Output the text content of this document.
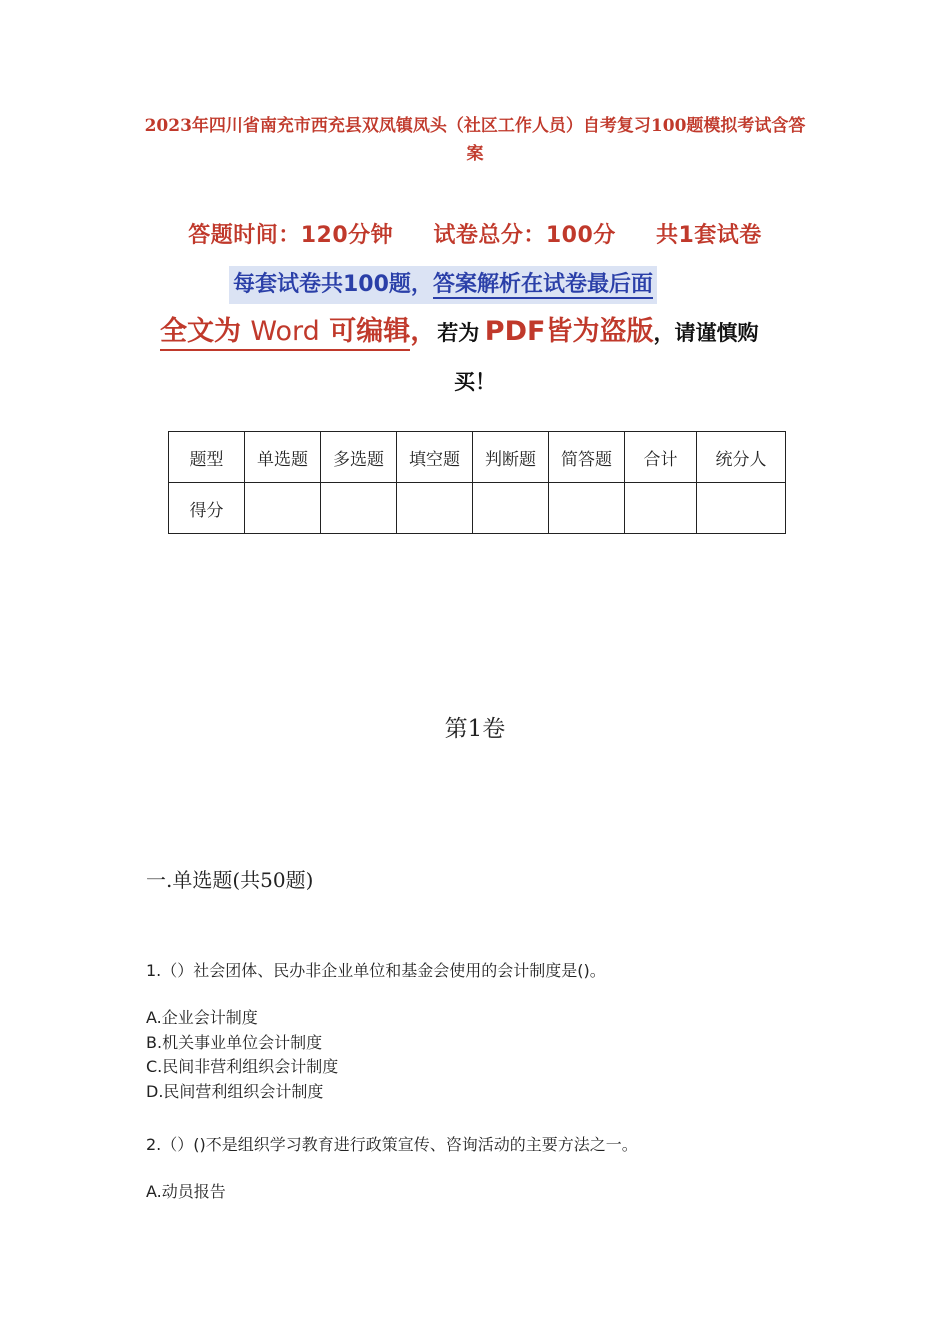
2023年四川省南充市西充县双凤镇凤头（社区工作人员）自考复习100题模拟考试含答案
答题时间：120分钟 试卷总分：100分 共1套试卷
每套试卷共100题，答案解析在试卷最后面
全文为 Word 可编辑，若为 PDF皆为盗版，请谨慎购
买！
题型	单选题	多选题	填空题	判断题	简答题	合计	统分人
得分							
第1卷
一.单选题(共50题)
1.（）社会团体、民办非企业单位和基金会使用的会计制度是()。
A.企业会计制度
B.机关事业单位会计制度
C.民间非营利组织会计制度
D.民间营利组织会计制度
2.（）()不是组织学习教育进行政策宣传、咨询活动的主要方法之一。
A.动员报告
